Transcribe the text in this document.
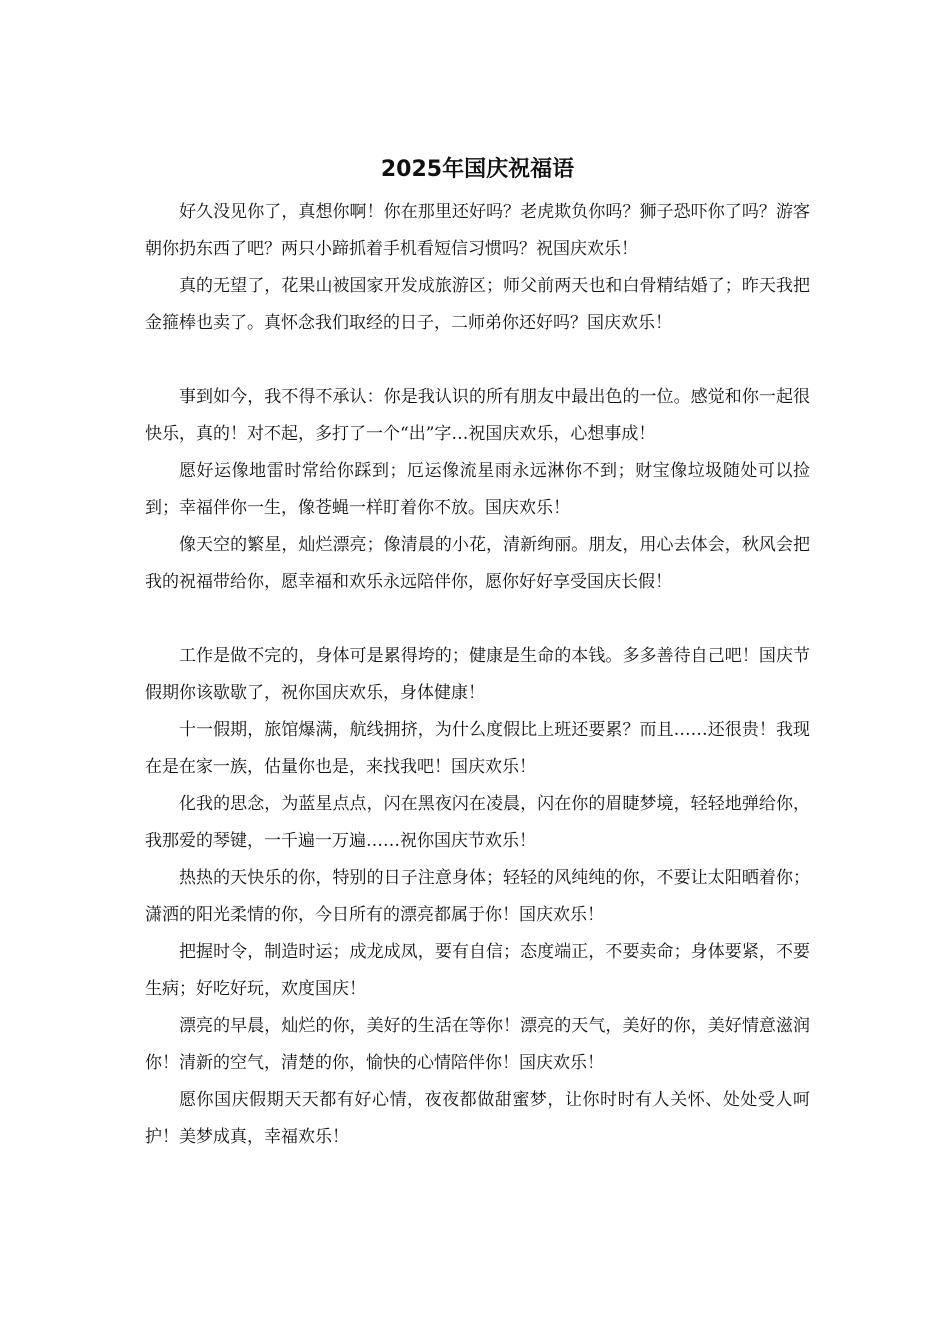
2025年国庆祝福语

好久没见你了，真想你啊！你在那里还好吗？老虎欺负你吗？狮子恐吓你了吗？游客朝你扔东西了吧？两只小蹄抓着手机看短信习惯吗？祝国庆欢乐！

真的无望了，花果山被国家开发成旅游区；师父前两天也和白骨精结婚了；昨天我把金箍棒也卖了。真怀念我们取经的日子，二师弟你还好吗？国庆欢乐！

事到如今，我不得不承认：你是我认识的所有朋友中最出色的一位。感觉和你一起很快乐，真的！对不起，多打了一个“出”字…祝国庆欢乐，心想事成！

愿好运像地雷时常给你踩到；厄运像流星雨永远淋你不到；财宝像垃圾随处可以捡到；幸福伴你一生，像苍蝇一样盯着你不放。国庆欢乐！

像天空的繁星，灿烂漂亮；像清晨的小花，清新绚丽。朋友，用心去体会，秋风会把我的祝福带给你，愿幸福和欢乐永远陪伴你，愿你好好享受国庆长假！

工作是做不完的，身体可是累得垮的；健康是生命的本钱。多多善待自己吧！国庆节假期你该歇歇了，祝你国庆欢乐，身体健康！

十一假期，旅馆爆满，航线拥挤，为什么度假比上班还要累？而且……还很贵！我现在是在家一族，估量你也是，来找我吧！国庆欢乐！

化我的思念，为蓝星点点，闪在黑夜闪在凌晨，闪在你的眉睫梦境，轻轻地弹给你，我那爱的琴键，一千遍一万遍……祝你国庆节欢乐！

热热的天快乐的你，特别的日子注意身体；轻轻的风纯纯的你，不要让太阳晒着你；潇洒的阳光柔情的你，今日所有的漂亮都属于你！国庆欢乐！

把握时令，制造时运；成龙成凤，要有自信；态度端正，不要卖命；身体要紧，不要生病；好吃好玩，欢度国庆！

漂亮的早晨，灿烂的你，美好的生活在等你！漂亮的天气，美好的你，美好情意滋润你！清新的空气，清楚的你，愉快的心情陪伴你！国庆欢乐！

愿你国庆假期天天都有好心情，夜夜都做甜蜜梦，让你时时有人关怀、处处受人呵护！美梦成真，幸福欢乐！
